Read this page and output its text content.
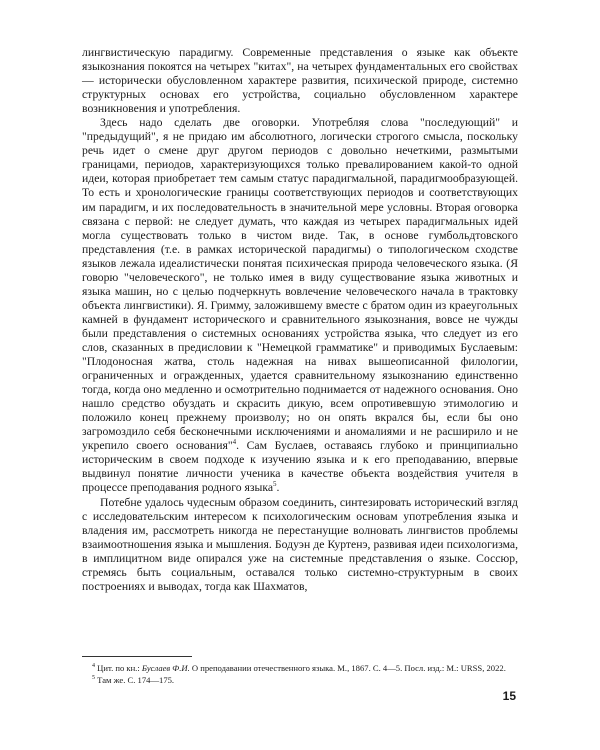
лингвистическую парадигму. Современные представления о языке как объекте языкознания покоятся на четырех "китах", на четырех фундаментальных его свойствах — исторически обусловленном характере развития, психической природе, системно структурных основах его устройства, социально обусловленном характере возникновения и употребления.

Здесь надо сделать две оговорки. Употребляя слова "последующий" и "предыдущий", я не придаю им абсолютного, логически строгого смысла, поскольку речь идет о смене друг другом периодов с довольно нечеткими, размытыми границами, периодов, характеризующихся только превалированием какой-то одной идеи, которая приобретает тем самым статус парадигмальной, парадигмообразующей. То есть и хронологические границы соответствующих периодов и соответствующих им парадигм, и их последовательность в значительной мере условны. Вторая оговорка связана с первой: не следует думать, что каждая из четырех парадигмальных идей могла существовать только в чистом виде. Так, в основе гумбольдтовского представления (т.е. в рамках исторической парадигмы) о типологическом сходстве языков лежала идеалистически понятая психическая природа человеческого языка. (Я говорю "человеческого", не только имея в виду существование языка животных и языка машин, но с целью подчеркнуть вовлечение человеческого начала в трактовку объекта лингвистики). Я. Гримму, заложившему вместе с братом один из краеугольных камней в фундамент исторического и сравнительного языкознания, вовсе не чужды были представления о системных основаниях устройства языка, что следует из его слов, сказанных в предисловии к "Немецкой грамматике" и приводимых Буслаевым: "Плодоносная жатва, столь надежная на нивах вышеописанной филологии, ограниченных и огражденных, удается сравнительному языкознанию единственно тогда, когда оно медленно и осмотрительно поднимается от надежного основания. Оно нашло средство обуздать и скрасить дикую, всем опротивевшую этимологию и положило конец прежнему произволу; но он опять вкрался бы, если бы оно загромоздило себя бесконечными исключениями и аномалиями и не расширило и не укрепило своего основания"$^4$. Сам Буслаев, оставаясь глубоко и принципиально историческим в своем подходе к изучению языка и к его преподаванию, впервые выдвинул понятие личности ученика в качестве объекта воздействия учителя в процессе преподавания родного языка$^5$.

Потебне удалось чудесным образом соединить, синтезировать исторический взгляд с исследовательским интересом к психологическим основам употребления языка и владения им, рассмотреть никогда не перестанущие волновать лингвистов проблемы взаимоотношения языка и мышления. Бодуэн де Куртенэ, развивая идеи психологизма, в имплицитном виде опирался уже на системные представления о языке. Соссюр, стремясь быть социальным, оставался только системно-структурным в своих построениях и выводах, тогда как Шахматов,

$^4$ Цит. по кн.: Буслаев Ф.И. О преподавании отечественного языка. М., 1867. С. 4—5. Посл. изд.: М.: URSS, 2022.

$^5$ Там же. С. 174—175.

15
